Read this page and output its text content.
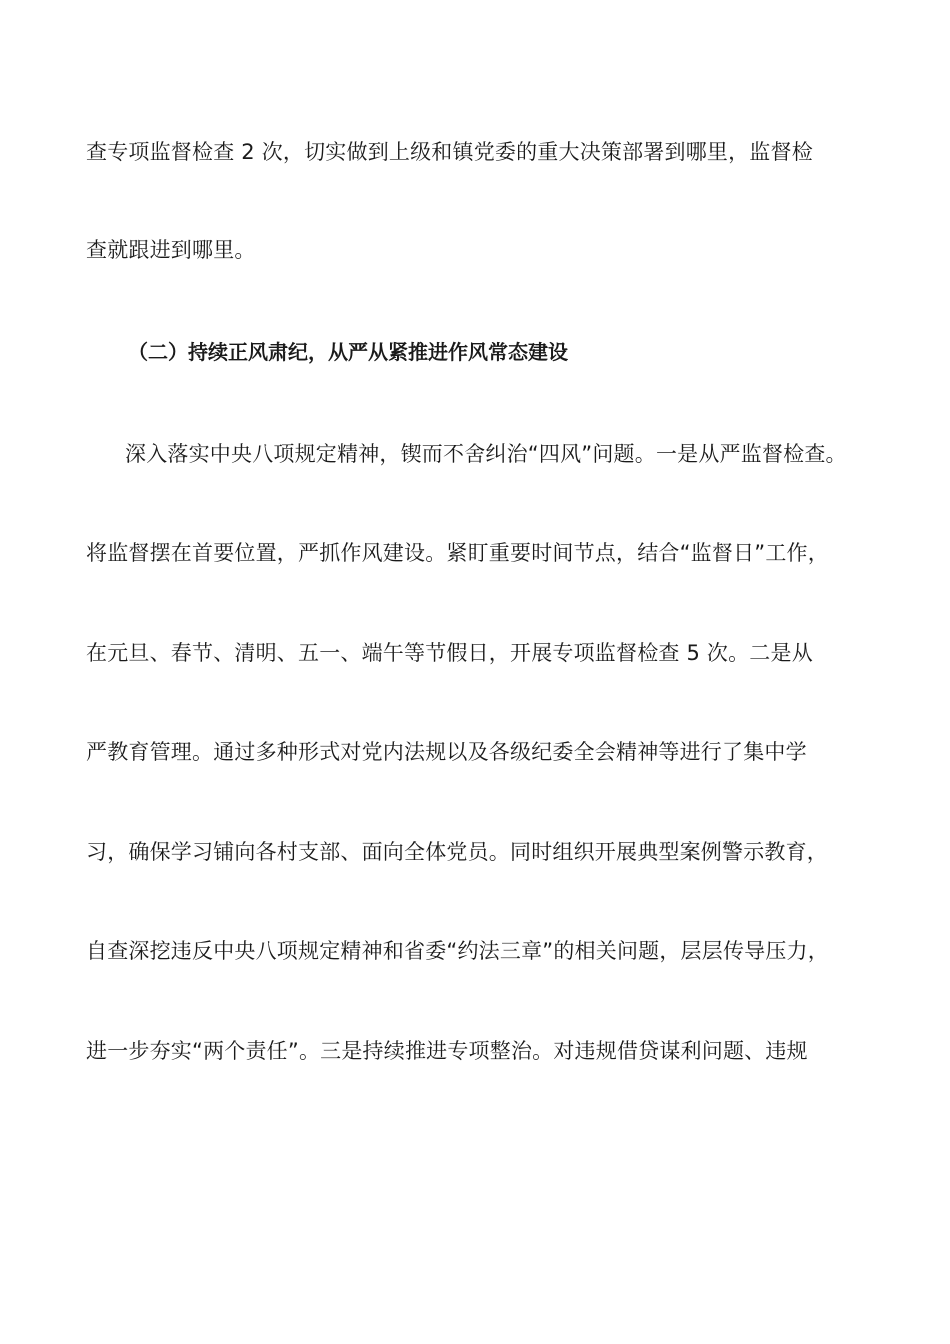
查专项监督检查 2 次，切实做到上级和镇党委的重大决策部署到哪里，监督检
查就跟进到哪里。
（二）持续正风肃纪，从严从紧推进作风常态建设
深入落实中央八项规定精神，锲而不舍纠治“四风”问题。一是从严监督检查。
将监督摆在首要位置，严抓作风建设。紧盯重要时间节点，结合“监督日”工作，
在元旦、春节、清明、五一、端午等节假日，开展专项监督检查 5 次。二是从
严教育管理。通过多种形式对党内法规以及各级纪委全会精神等进行了集中学
习，确保学习铺向各村支部、面向全体党员。同时组织开展典型案例警示教育，
自查深挖违反中央八项规定精神和省委“约法三章”的相关问题，层层传导压力，
进一步夯实“两个责任”。三是持续推进专项整治。对违规借贷谋利问题、违规
